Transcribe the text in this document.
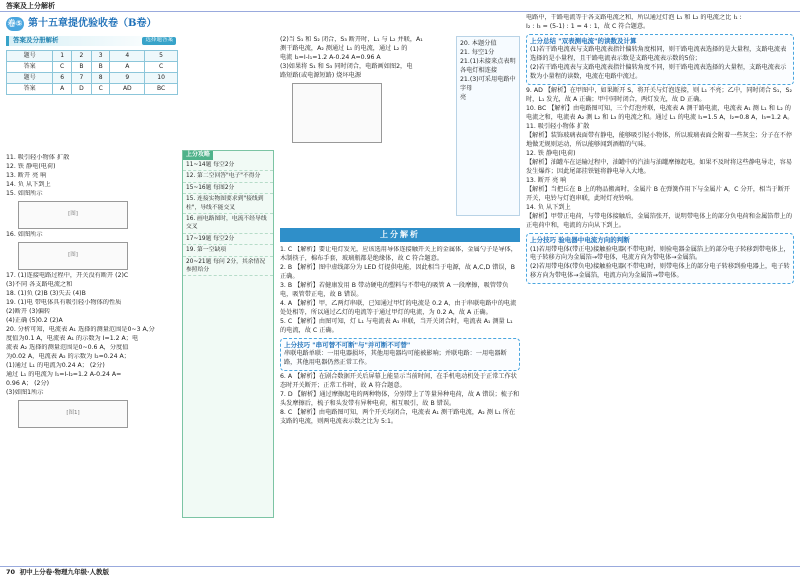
答案及上分解析
卷⑤ 第十五章提优验收卷（B卷）
答案及分册解析	选择题答案
题号	1	2	3	4	5
答案	C	B	B	A	C
题号	6	7	8	9	10
答案	A	D	C	AD	BC

11. 吸引轻小物体 扩散

12. 铁 静电(电荷)

13. 断开 亮 响

14. 负 从下到上

15. 如图所示

[图]

16. 如图所示

[图]

17. (1)连接电路过程中，开关没有断开 (2)C

(3)不同 各支路电流之和

18. (1)负 (2)B (3)失去 (4)B

19. (1)电 带电体具有吸引轻小物体的性质

(2)断开 (3)偏转

(4)正确 (5)0.2 (2)A

20. 分析可知，电流表 A₁ 选择的测量范围是0~3 A,分

度值为0.1 A，电流表 A₁ 的示数为 I=1.2 A；电

流表 A₂ 选择的测量范围是0~0.6 A，分度值

为0.02 A，电流表 A₂ 的示数为 I₂=0.24 A；

(1)通过 L₁ 的电流为0.24 A； (2分)

通过 L₁ 的电流为 I₁=I-I₂=1.2 A-0.24 A=

0.96 A； (2分)

(3)如图1所示

[图1]
上分攻略
11~14题 每空2分
12. 第二空回答"电子"不得分
15~16题 每图2分
15. 连接实物图要求到"接线到柱"，导线不能交叉
16. 画电路图时，电流不经导线交叉
17~19题 每空2分
19. 第一空缺项
20~21题 每问 2分，其余情况参照给分

(2)当 S₁ 和 S₂ 闭合，S₃ 断开时，L₁ 与 L₂ 并联，A₁

测干路电流，A₂ 测通过 L₁ 的电流，通过 L₂ 的

电流 I₂=I-I₁=1.2 A-0.24 A=0.96 A

(3)如果将 S₁ 和 S₃ 同时闭合，电路画如图2，电

路短路(或电源短路) 烧坏电源

20. 本题分值

21. 每空1分

21.(1)未接来点表明各电灯相连接

21.(3)可采用电路中字母

亮

上分解析

1. C 【解析】要让电灯发光，应该选用导体连接触开关上的金属体，金属勺子是导体，木制筷子，棉布手套，玻璃瓶都是绝缘体，故 C 符合题意。

2. B 【解析】图中虚线部分为 LED 灯提供电能，因此相当于电源，故 A,C,D 错误，B 正确。

3. B 【解析】若健康发用 B 带动硬电的塑料与不带电的吸管 A 一段摩擦，吸管带负电，吸管带正电，故 B 错误。

4. A 【解析】甲，乙两灯串联，已知通过甲灯的电流是 0.2 A，由于串联电路中的电流处处相等，所以通过乙灯的电流等于通过甲灯的电流，为 0.2 A，故 A 正确。

5. C 【解析】由图可知，灯 L₁ 与电流表 A₁ 串联，当开关闭合时，电流表 A₁ 测量 L₁ 的电流，故 C 正确。

上分技巧 "串可替不可断"与"并可断不可替"
串联电路单联：一用电器损坏，其他用电器均可能被影响；并联电路：一用电器断路，其他用电器仍然正常工作。

6. A 【解析】在剧合数据开关后屏幕上能显示当前时间，在手机电动机处于正常工作状态时开关断开；正常工作时，故 A 符合题意。

7. D 【解析】通过摩擦起电的两种物体，分别带上了等量异种电荷，故 A 错误；梳子和头发摩擦后，梳子和头发带有异种电荷，相互吸引，故 B 错误。

8. C 【解析】由电路图可知，两个开关均闭合，电流表 A₁ 测干路电流，A₂ 测 L₁ 所在支路的电流，则两电流表示数之比为 5:1。

电路中，干路电流等于各支路电流之和，所以通过灯泡 L₁ 和 L₂ 的电流之比 I₁ :

I₂ : I₃ = (5-1) : 1 = 4 : 1，故 C 符合题意。

上分总结 "双表测电流"的读数及计算

(1)若干路电流表与支路电流表指针偏转角度相同，则干路电流表选择的是大量程，支路电流表选择的是小量程，且干路电流表示数是支路电流表示数的5倍；

(2)若干路电流表与支路电流表指针偏转角度不同，则干路电流表选择的大量程，支路电流表示数为小量程的读数，电流在电路中流过。

9. AD 【解析】在甲图中，如果断开 S，将开关与灯泡连接，则 L₁ 不亮；乙中，同时闭合 S₁，S₂ 时，L₁ 发光，故 A 正确；甲中同时闭合，两灯发光，故 D 正确。

10. BC 【解析】由电路图可知，三个灯泡并联，电流表 A 测干路电流，电流表 A₁ 测 L₁ 和 L₂ 的电流之和，电流表 A₂ 测 L₂ 和 L₃ 的电流之和。通过 L₁ 的电流 I₁=1.5 A，I₂=0.8 A，I₃=1.2 A。

11. 吸引轻小物体 扩散

【解析】装饰玻璃表面带有静电，能够吸引轻小物体，所以玻璃表面会附着一些灰尘；分子在不停地做无规则运动，所以能够闻到酒精的气味。

12. 铁 静电(电荷)

【解析】油罐车在运输过程中，油罐中的汽油与油罐摩擦起电，如果不及时将这些静电导走，容易发生爆炸；因此尾部挂铁链将静电导入大地。

13. 断开 亮 响

【解析】当把丘在 B 上的物品搬离时，金属片 B 在弹簧作用下与金属片 A，C 分开，相当于断开开关，电铃与灯泡串联，此时灯亮铃响。

14. 负 从下到上

【解析】甲带正电荷，与带电体接触后，金属箔张开，说明带电体上的部分负电荷和金属箔带上的正电荷中和，电流的方向从下到上。

上分技巧 验电器中电流方向的判断

(1)若用带电体(带正电)接触验电器(不带电)时，则验电器金属箔上的部分电子转移到带电体上，电子转移方向为金属箔→带电体，电流方向为带电体→金属箔。

(2)若用带电体(带负电)接触验电器(不带电)时，则带电体上的部分电子转移到验电器上，电子转移方向为带电体→金属箔，电流方向为金属箔→带电体。

70 初中上分卷·物理九年级·人教版
